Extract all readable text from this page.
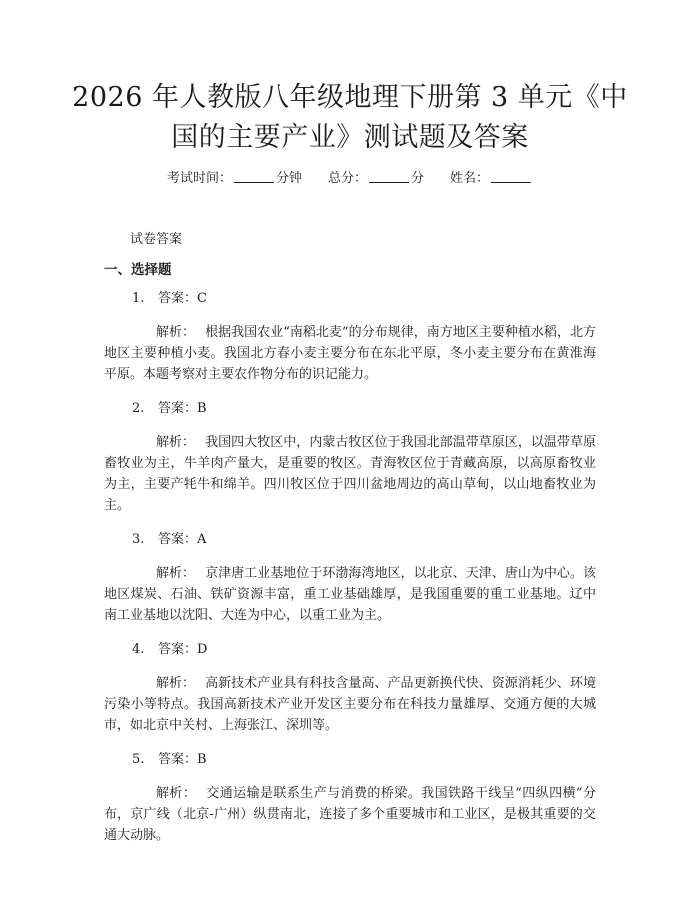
2026 年人教版八年级地理下册第 3 单元《中
国的主要产业》测试题及答案
考试时间：	分钟 总分：	分 姓名：
试卷答案
一、选择题
1. 答案：C
解析： 根据我国农业“南稻北麦”的分布规律，南方地区主要种植水稻，北方地区主要种植小麦。我国北方春小麦主要分布在东北平原，冬小麦主要分布在黄淮海平原。本题考察对主要农作物分布的识记能力。
2. 答案：B
解析： 我国四大牧区中，内蒙古牧区位于我国北部温带草原区，以温带草原畜牧业为主，牛羊肉产量大，是重要的牧区。青海牧区位于青藏高原，以高原畜牧业为主，主要产牦牛和绵羊。四川牧区位于四川盆地周边的高山草甸，以山地畜牧业为主。
3. 答案：A
解析： 京津唐工业基地位于环渤海湾地区，以北京、天津、唐山为中心。该地区煤炭、石油、铁矿资源丰富，重工业基础雄厚，是我国重要的重工业基地。辽中南工业基地以沈阳、大连为中心，以重工业为主。
4. 答案：D
解析： 高新技术产业具有科技含量高、产品更新换代快、资源消耗少、环境污染小等特点。我国高新技术产业开发区主要分布在科技力量雄厚、交通方便的大城市，如北京中关村、上海张江、深圳等。
5. 答案：B
解析： 交通运输是联系生产与消费的桥梁。我国铁路干线呈“四纵四横”分布，京广线（北京-广州）纵贯南北，连接了多个重要城市和工业区，是极其重要的交通大动脉。
